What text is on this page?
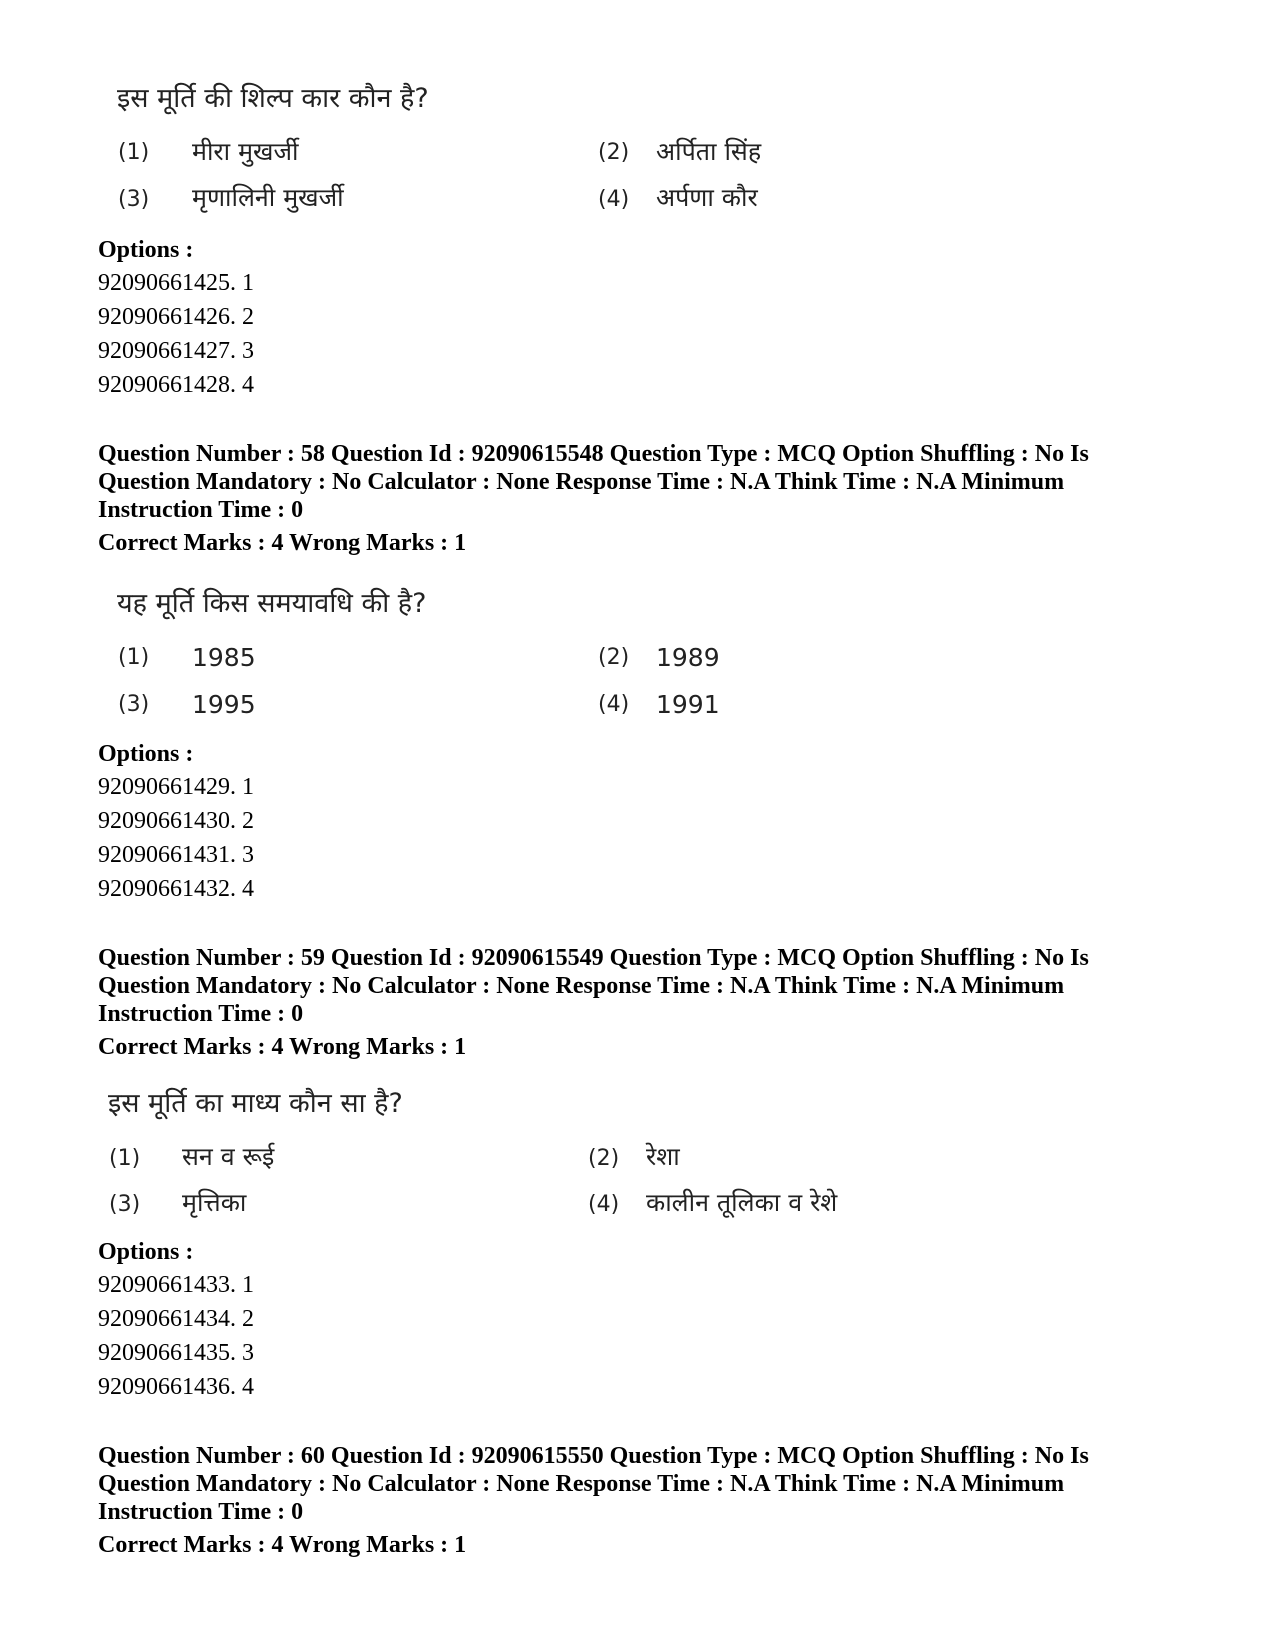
इस मूर्ति की शिल्प कार कौन है?
(1) मीरा मुखर्जी	(2) अर्पिता सिंह
(3) मृणालिनी मुखर्जी	(4) अर्पणा कौर
Options :
92090661425. 1
92090661426. 2
92090661427. 3
92090661428. 4
Question Number : 58 Question Id : 92090615548 Question Type : MCQ Option Shuffling : No Is Question Mandatory : No Calculator : None Response Time : N.A Think Time : N.A Minimum Instruction Time : 0
Correct Marks : 4 Wrong Marks : 1
यह मूर्ति किस समयावधि की है?
(1) 1985	(2) 1989
(3) 1995	(4) 1991
Options :
92090661429. 1
92090661430. 2
92090661431. 3
92090661432. 4
Question Number : 59 Question Id : 92090615549 Question Type : MCQ Option Shuffling : No Is Question Mandatory : No Calculator : None Response Time : N.A Think Time : N.A Minimum Instruction Time : 0
Correct Marks : 4 Wrong Marks : 1
इस मूर्ति का माध्य कौन सा है?
(1) सन व रूई	(2) रेशा
(3) मृत्तिका	(4) कालीन तूलिका व रेशे
Options :
92090661433. 1
92090661434. 2
92090661435. 3
92090661436. 4
Question Number : 60 Question Id : 92090615550 Question Type : MCQ Option Shuffling : No Is Question Mandatory : No Calculator : None Response Time : N.A Think Time : N.A Minimum Instruction Time : 0
Correct Marks : 4 Wrong Marks : 1
